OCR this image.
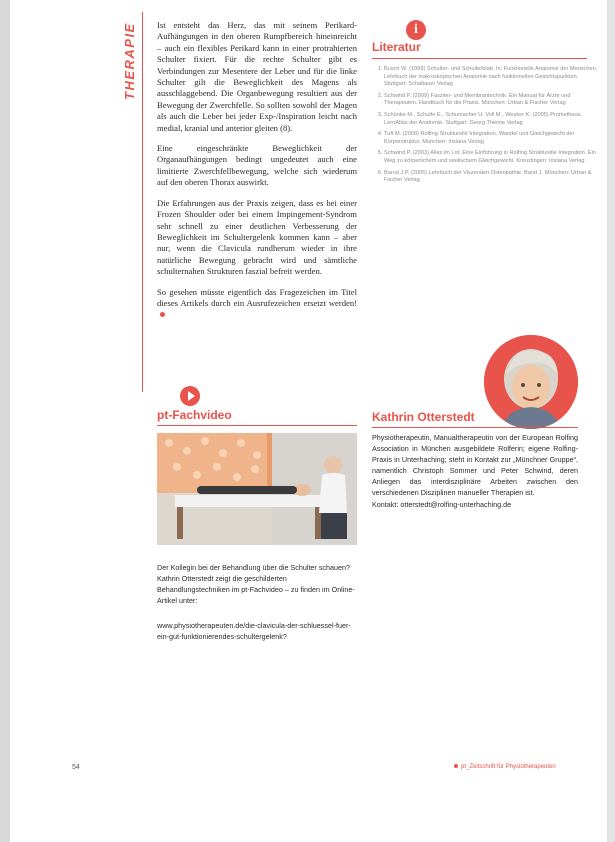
THERAPIE Ist entsteht das Herz, das mit seinem Perikard-Aufhängungen in den oberen Rumpfbereich hineinreicht – auch ein flexibles Perikard kann in einer protrahierten Schulter fixiert. Für die rechte Schulter gibt es Verbindungen zur Mesentere der Leber und für die linke Schulter gilt die Beweglichkeit des Magens als ausschlaggebend. Die Organbewegung resultiert aus der Bewegung der Zwerchfelle. So sollten sowohl der Magen als auch die Leber bei jeder Exp-/Inspiration leicht nach medial, kranial und anterior gleiten (8).

Eine eingeschränkte Beweglichkeit der Organaufhängungen bedingt ungedeutet auch eine limitierte Zwerchfellbewegung, welche sich wiederum auf den oberen Thorax auswirkt.

Die Erfahrungen aus der Praxis zeigen, dass es bei einer Frozen Shoulder oder bei einem Impingement-Syndrom sehr schnell zu einer deutlichen Verbesserung der Beweglichkeit im Schultergelenk kommen kann – aber nur, wenn die Clavicula rundherum wieder in ihre natürliche Bewegung gebracht wird und sämtliche schulternahen Strukturen faszial befreit werden.

So gesehen müsste eigentlich das Fragezeichen im Titel dieses Artikels durch ein Ausrufezeichen ersetzt werden!

i
Literatur
1. Busch W. (1999) Schulter- und Schulterblatt. In: Funktionelle Anatomie der Menschen. Lehrbuch der makroskopischen Anatomie nach funktionellen Gesichtspunkten. Stuttgart: Schattauer Verlag
2. Schwind P. (2009) Faszien- und Membrantechnik. Ein Manual für Ärzte und Therapeuten. Handbuch für die Praxis. München: Urban & Fischer Verlag
3. Schünke M., Schulte E., Schumacher U. Voll M., Wesker K. (2005) Prometheus. LernAtlas der Anatomie. Stuttgart: Georg Thieme Verlag
4. Tuft M. (2008) Rolfing Strukturelle Integration. Wandel und Gleichgewicht der Körperstruktur. München: Irisiana Verlag
5. Schwind P. (2003) Alles im Lot. Eine Einführung in Rolfing Strukturelle Integration. Ein Weg zu körperlichem und seelischem Gleichgewicht. Kreuzlingen: Irisiana Verlag
6. Barral J.P. (2005) Lehrbuch der Viszeralen Osteopathie. Band 1. München: Urban & Fischer Verlag
Kathrin Otterstedt
Physiotherapeutin, Manualtherapeutin von der European Rolfing Association in München ausgebildete Rolferin; eigene Rolfing-Praxis in Unterhaching; steht in Kontakt zur „Münchner Gruppe“, namentlich Christoph Sommer und Peter Schwind, deren Anliegen das interdisziplinäre Arbeiten zwischen den verschiedenen Disziplinen manueller Therapien ist.
Kontakt: otterstedt@rolfing-unterhaching.de
pt-Fachvideo
Der Kollegin bei der Behandlung über die Schulter schauen? Kathrin Otterstedt zeigt die geschilderten Behandlungstechniken im pt-Fachvideo – zu finden im Online-Artikel unter:
www.physiotherapeuten.de/die-clavicula-der-schluessel-fuer-ein-gut-funktionierendes-schultergelenk?
54	pt_Zeitschrift für Physiotherapeuten
